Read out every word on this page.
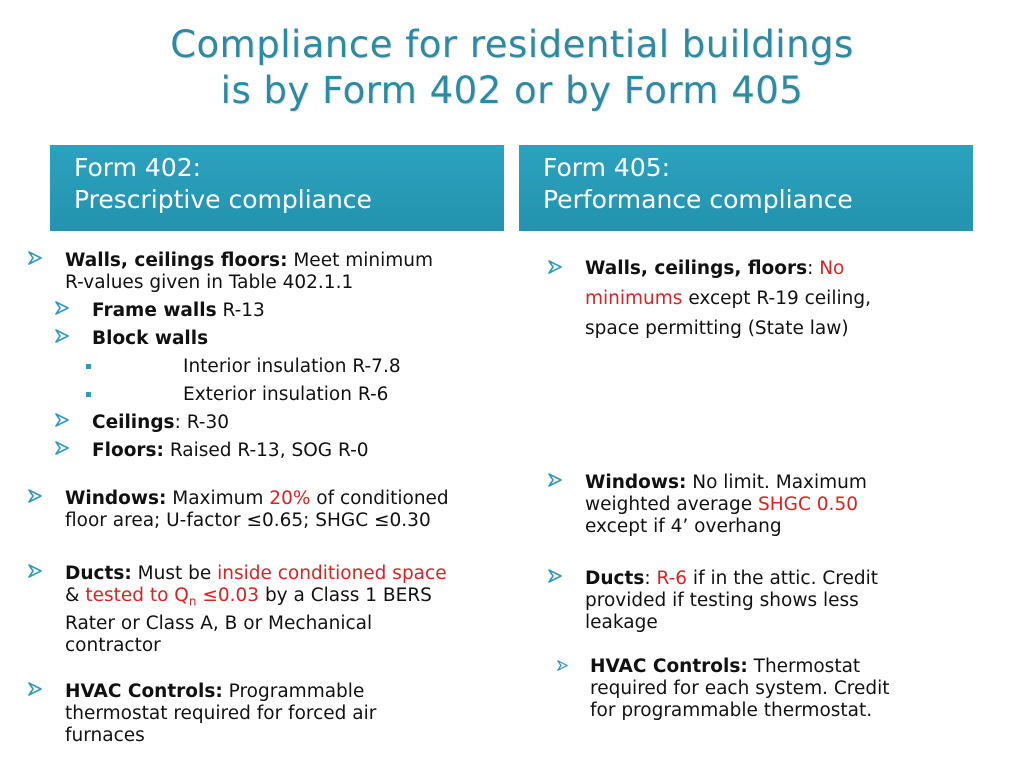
Compliance for residential buildings
is by Form 402 or by Form 405
Form 402:
Prescriptive compliance
Form 405:
Performance compliance
Walls, ceilings floors: Meet minimum
R-values given in Table 402.1.1
Frame walls R-13
Block walls
Interior insulation R-7.8
Exterior insulation R-6
Ceilings: R-30
Floors: Raised R-13, SOG R-0
Windows: Maximum 20% of conditioned
floor area; U-factor ≤0.65; SHGC ≤0.30
Ducts: Must be inside conditioned space
& tested to $Q_n \le 0.03$ by a Class 1 BERS
Rater or Class A, B or Mechanical
contractor
HVAC Controls: Programmable
thermostat required for forced air
furnaces
Walls, ceilings, floors: No
minimums except R-19 ceiling,
space permitting (State law)
Windows: No limit. Maximum
weighted average SHGC 0.50
except if 4’ overhang
Ducts: R-6 if in the attic. Credit
provided if testing shows less
leakage
HVAC Controls: Thermostat
required for each system. Credit
for programmable thermostat.
